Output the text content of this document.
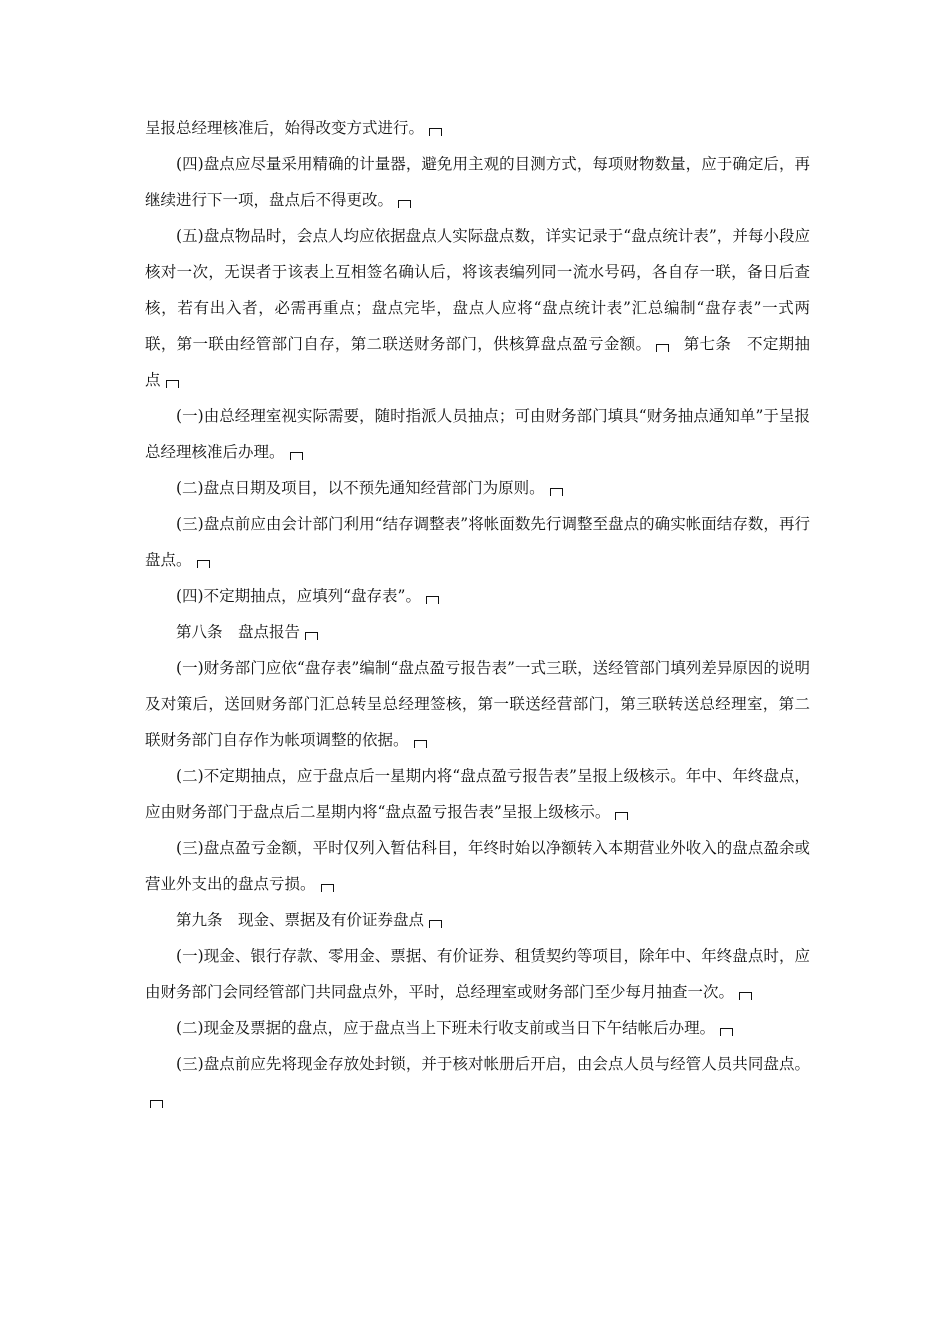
呈报总经理核准后，始得改变方式进行。

(四)盘点应尽量采用精确的计量器，避免用主观的目测方式，每项财物数量，应于确定后，再继续进行下一项，盘点后不得更改。

(五)盘点物品时，会点人均应依据盘点人实际盘点数，详实记录于“盘点统计表”，并每小段应核对一次，无误者于该表上互相签名确认后，将该表编列同一流水号码，各自存一联，备日后查核，若有出入者，必需再重点；盘点完毕，盘点人应将“盘点统计表”汇总编制“盘存表”一式两联，第一联由经管部门自存，第二联送财务部门，供核算盘点盈亏金额。 第七条　不定期抽点

(一)由总经理室视实际需要，随时指派人员抽点；可由财务部门填具“财务抽点通知单”于呈报总经理核准后办理。

(二)盘点日期及项目，以不预先通知经营部门为原则。

(三)盘点前应由会计部门利用“结存调整表”将帐面数先行调整至盘点的确实帐面结存数，再行盘点。

(四)不定期抽点，应填列“盘存表”。

第八条　盘点报告

(一)财务部门应依“盘存表”编制“盘点盈亏报告表”一式三联，送经管部门填列差异原因的说明及对策后，送回财务部门汇总转呈总经理签核，第一联送经营部门，第三联转送总经理室，第二联财务部门自存作为帐项调整的依据。

(二)不定期抽点，应于盘点后一星期内将“盘点盈亏报告表”呈报上级核示。年中、年终盘点，应由财务部门于盘点后二星期内将“盘点盈亏报告表”呈报上级核示。

(三)盘点盈亏金额，平时仅列入暂估科目，年终时始以净额转入本期营业外收入的盘点盈余或营业外支出的盘点亏损。

第九条　现金、票据及有价证券盘点

(一)现金、银行存款、零用金、票据、有价证券、租赁契约等项目，除年中、年终盘点时，应由财务部门会同经管部门共同盘点外，平时，总经理室或财务部门至少每月抽查一次。

(二)现金及票据的盘点，应于盘点当上下班未行收支前或当日下午结帐后办理。

(三)盘点前应先将现金存放处封锁，并于核对帐册后开启，由会点人员与经管人员共同盘点。
